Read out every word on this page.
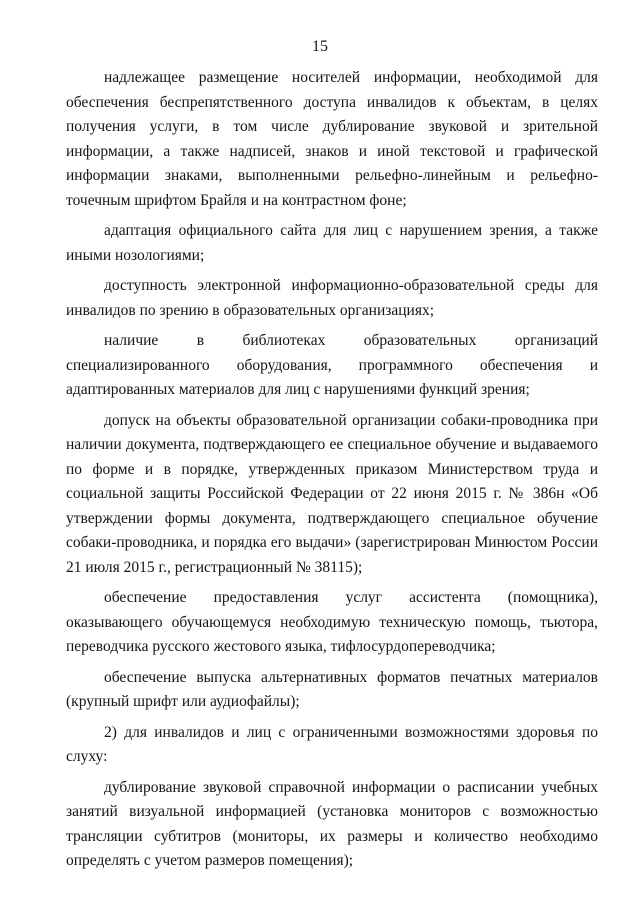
15

надлежащее размещение носителей информации, необходимой для обеспечения беспрепятственного доступа инвалидов к объектам, в целях получения услуги, в том числе дублирование звуковой и зрительной информации, а также надписей, знаков и иной текстовой и графической информации знаками, выполненными рельефно-линейным и рельефно-точечным шрифтом Брайля и на контрастном фоне;

адаптация официального сайта для лиц с нарушением зрения, а также иными нозологиями;

доступность электронной информационно-образовательной среды для инвалидов по зрению в образовательных организациях;

наличие в библиотеках образовательных организаций специализированного оборудования, программного обеспечения и адаптированных материалов для лиц с нарушениями функций зрения;

допуск на объекты образовательной организации собаки-проводника при наличии документа, подтверждающего ее специальное обучение и выдаваемого по форме и в порядке, утвержденных приказом Министерством труда и социальной защиты Российской Федерации от 22 июня 2015 г. № 386н «Об утверждении формы документа, подтверждающего специальное обучение собаки-проводника, и порядка его выдачи» (зарегистрирован Минюстом России 21 июля 2015 г., регистрационный № 38115);

обеспечение предоставления услуг ассистента (помощника), оказывающего обучающемуся необходимую техническую помощь, тьютора, переводчика русского жестового языка, тифлосурдопереводчика;

обеспечение выпуска альтернативных форматов печатных материалов (крупный шрифт или аудиофайлы);

2) для инвалидов и лиц с ограниченными возможностями здоровья по слуху:

дублирование звуковой справочной информации о расписании учебных занятий визуальной информацией (установка мониторов с возможностью трансляции субтитров (мониторы, их размеры и количество необходимо определять с учетом размеров помещения);
